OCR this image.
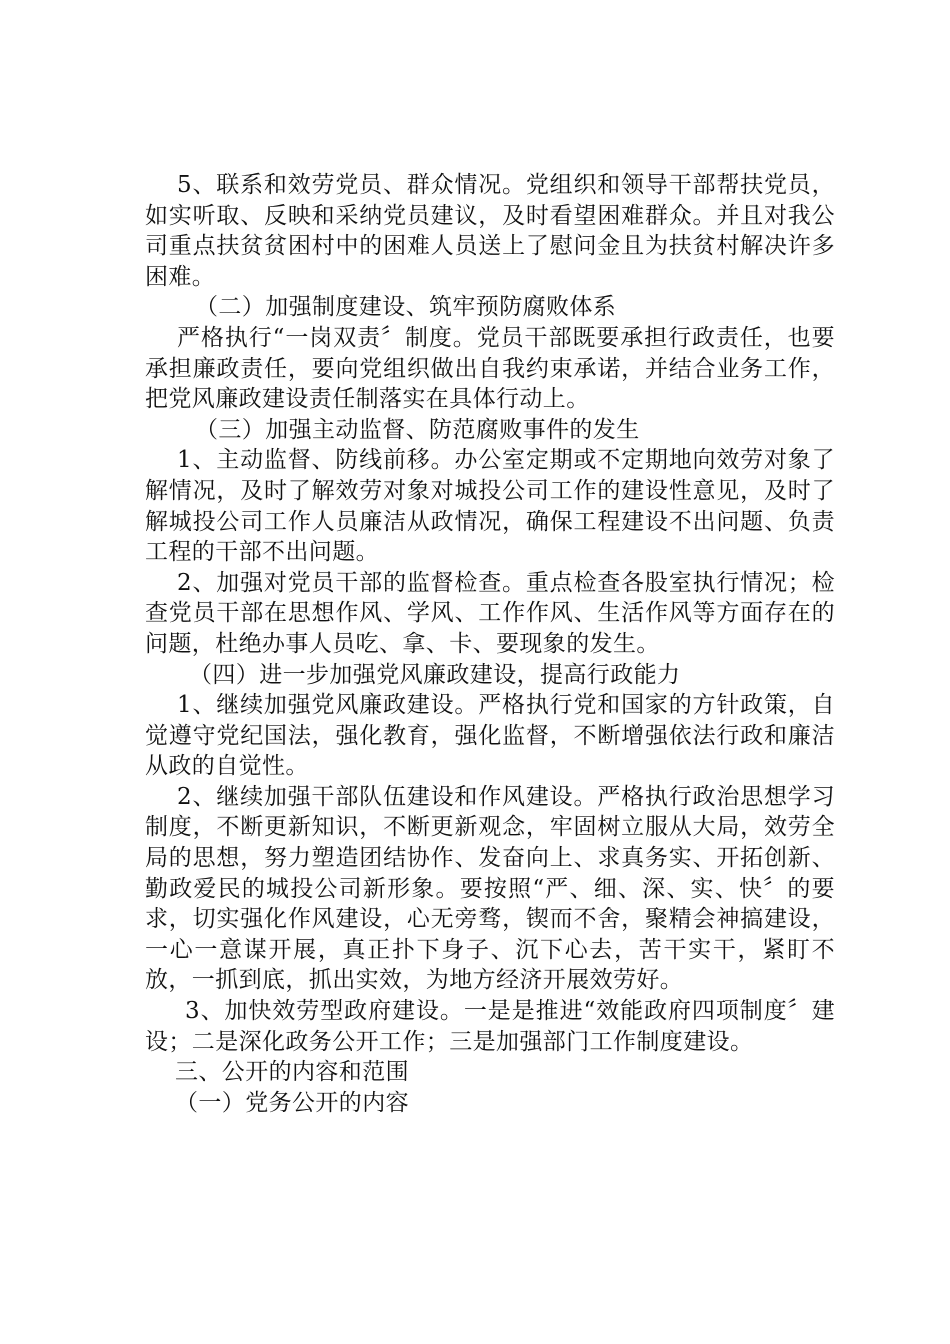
5、联系和效劳党员、群众情况。党组织和领导干部帮扶党员，如实听取、反映和采纳党员建议，及时看望困难群众。并且对我公司重点扶贫贫困村中的困难人员送上了慰问金且为扶贫村解决许多困难。

（二）加强制度建设、筑牢预防腐败体系

严格执行“一岗双责〞制度。党员干部既要承担行政责任，也要承担廉政责任，要向党组织做出自我约束承诺，并结合业务工作，把党风廉政建设责任制落实在具体行动上。

（三）加强主动监督、防范腐败事件的发生

1、主动监督、防线前移。办公室定期或不定期地向效劳对象了解情况，及时了解效劳对象对城投公司工作的建设性意见，及时了解城投公司工作人员廉洁从政情况，确保工程建设不出问题、负责工程的干部不出问题。

2、加强对党员干部的监督检查。重点检查各股室执行情况；检查党员干部在思想作风、学风、工作作风、生活作风等方面存在的问题，杜绝办事人员吃、拿、卡、要现象的发生。

（四）进一步加强党风廉政建设，提高行政能力

1、继续加强党风廉政建设。严格执行党和国家的方针政策，自觉遵守党纪国法，强化教育，强化监督，不断增强依法行政和廉洁从政的自觉性。

2、继续加强干部队伍建设和作风建设。严格执行政治思想学习制度，不断更新知识，不断更新观念，牢固树立服从大局，效劳全局的思想，努力塑造团结协作、发奋向上、求真务实、开拓创新、勤政爱民的城投公司新形象。要按照“严、细、深、实、快〞的要求，切实强化作风建设，心无旁骛，锲而不舍，聚精会神搞建设，一心一意谋开展，真正扑下身子、沉下心去，苦干实干，紧盯不放，一抓到底，抓出实效，为地方经济开展效劳好。

3、加快效劳型政府建设。一是是推进“效能政府四项制度〞建设；二是深化政务公开工作；三是加强部门工作制度建设。

三、公开的内容和范围

（一）党务公开的内容
